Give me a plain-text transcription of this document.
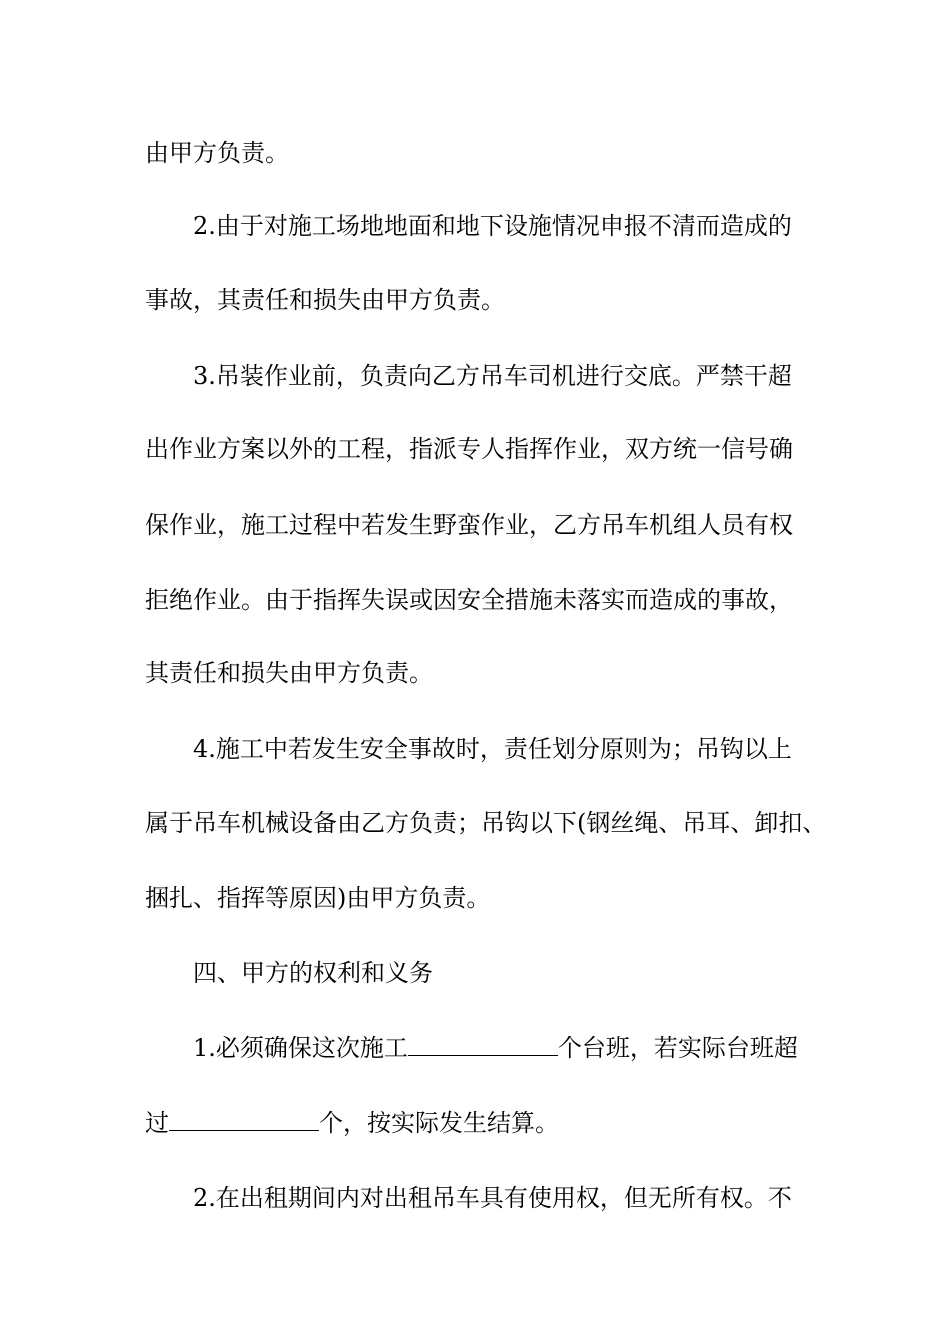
由甲方负责。
2.由于对施工场地地面和地下设施情况申报不清而造成的
事故，其责任和损失由甲方负责。
3.吊装作业前，负责向乙方吊车司机进行交底。严禁干超
出作业方案以外的工程，指派专人指挥作业，双方统一信号确
保作业，施工过程中若发生野蛮作业，乙方吊车机组人员有权
拒绝作业。由于指挥失误或因安全措施未落实而造成的事故，
其责任和损失由甲方负责。
4.施工中若发生安全事故时，责任划分原则为；吊钩以上
属于吊车机械设备由乙方负责；吊钩以下(钢丝绳、吊耳、卸扣、
捆扎、指挥等原因)由甲方负责。
四、甲方的权利和义务
1.必须确保这次施工	个台班，若实际台班超
过	个，按实际发生结算。
2.在出租期间内对出租吊车具有使用权，但无所有权。不
